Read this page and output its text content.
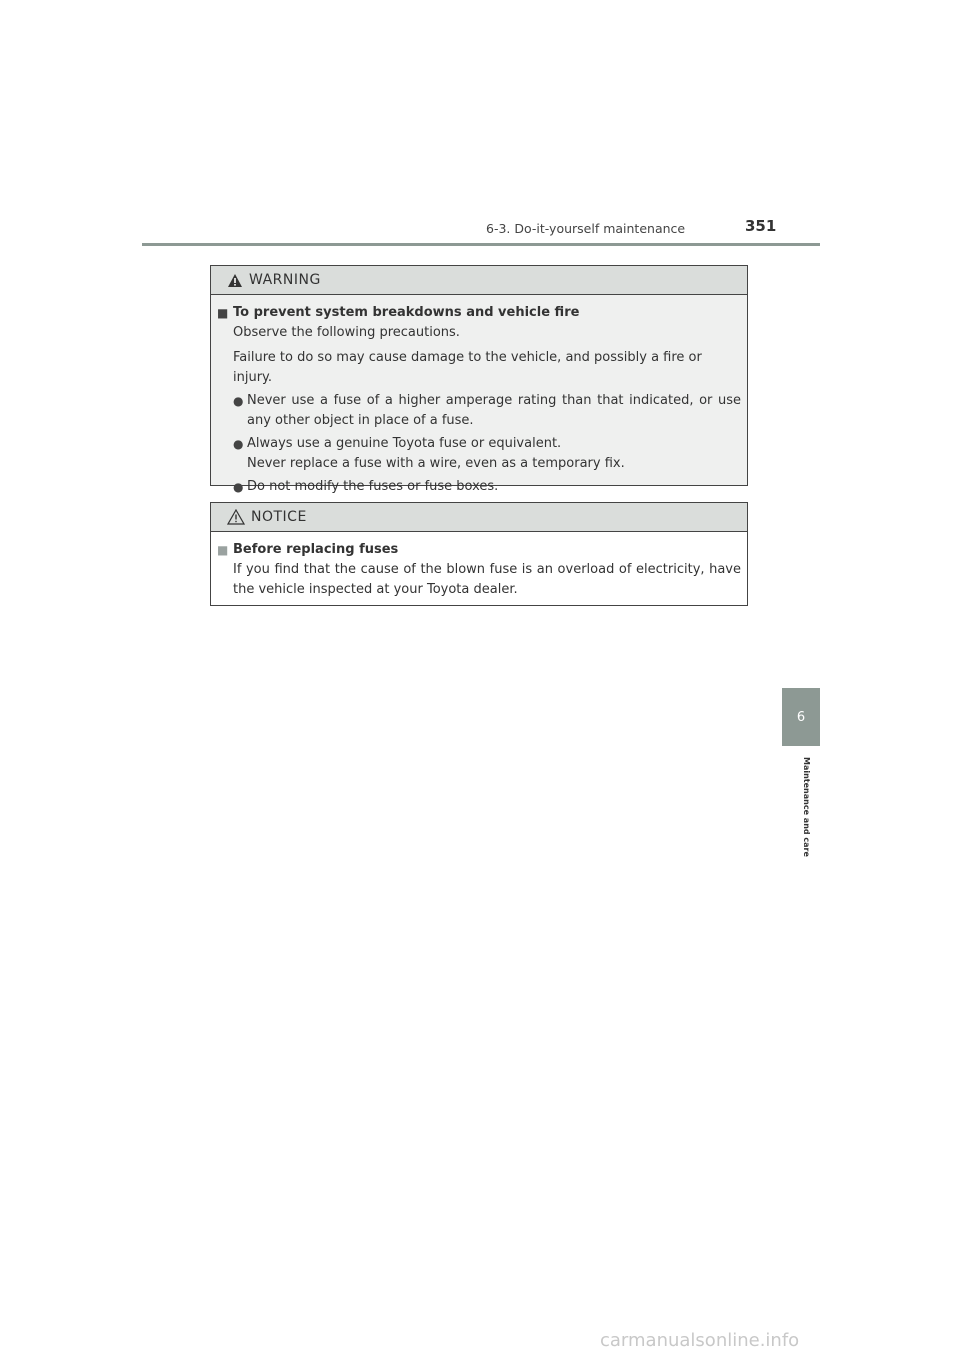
6-3. Do-it-yourself maintenance	351
6
Maintenance and care
WARNING
■ To prevent system breakdowns and vehicle fire
Observe the following precautions.
Failure to do so may cause damage to the vehicle, and possibly a fire or injury.
● Never use a fuse of a higher amperage rating than that indicated, or use any other object in place of a fuse.
● Always use a genuine Toyota fuse or equivalent.
Never replace a fuse with a wire, even as a temporary fix.
● Do not modify the fuses or fuse boxes.
NOTICE
■ Before replacing fuses
If you find that the cause of the blown fuse is an overload of electricity, have the vehicle inspected at your Toyota dealer.
carmanualsonline.info
